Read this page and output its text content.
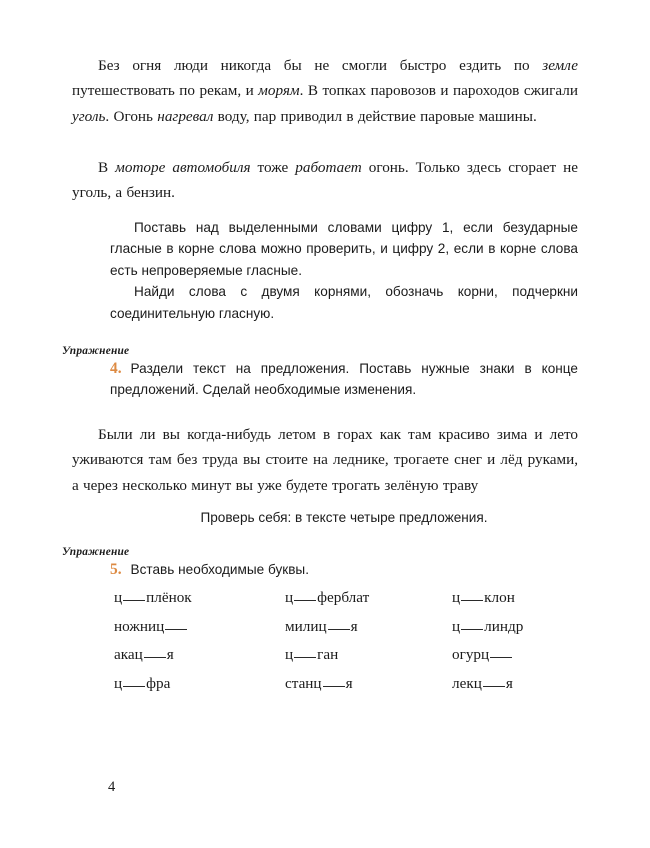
Без огня люди никогда бы не смогли быстро ездить по земле путешествовать по рекам, и морям. В топках паровозов и пароходов сжигали уголь. Огонь нагревал воду, пар приводил в действие паровые машины.
В моторе автомобиля тоже работает огонь. Только здесь сгорает не уголь, а бензин.

Поставь над выделенными словами цифру 1, если безударные гласные в корне слова можно проверить, и цифру 2, если в корне слова есть непроверяемые гласные.

Найди слова с двумя корнями, обозначь корни, подчеркни соединительную гласную.

Упражнение

4. Раздели текст на предложения. Поставь нужные знаки в конце предложений. Сделай необходимые изменения.

Были ли вы когда-нибудь летом в горах как там красиво зима и лето уживаются там без труда вы стоите на леднике, трогаете снег и лёд руками, а через несколько минут вы уже будете трогать зелёную траву
Проверь себя: в тексте четыре предложения.
Упражнение

5. Вставь необходимые буквы.

ц плёнок	ц ферблат	ц клон
ножниц	милиц я	ц линдр
акац я	ц ган	огурц
ц фра	станц я	лекц я
4
